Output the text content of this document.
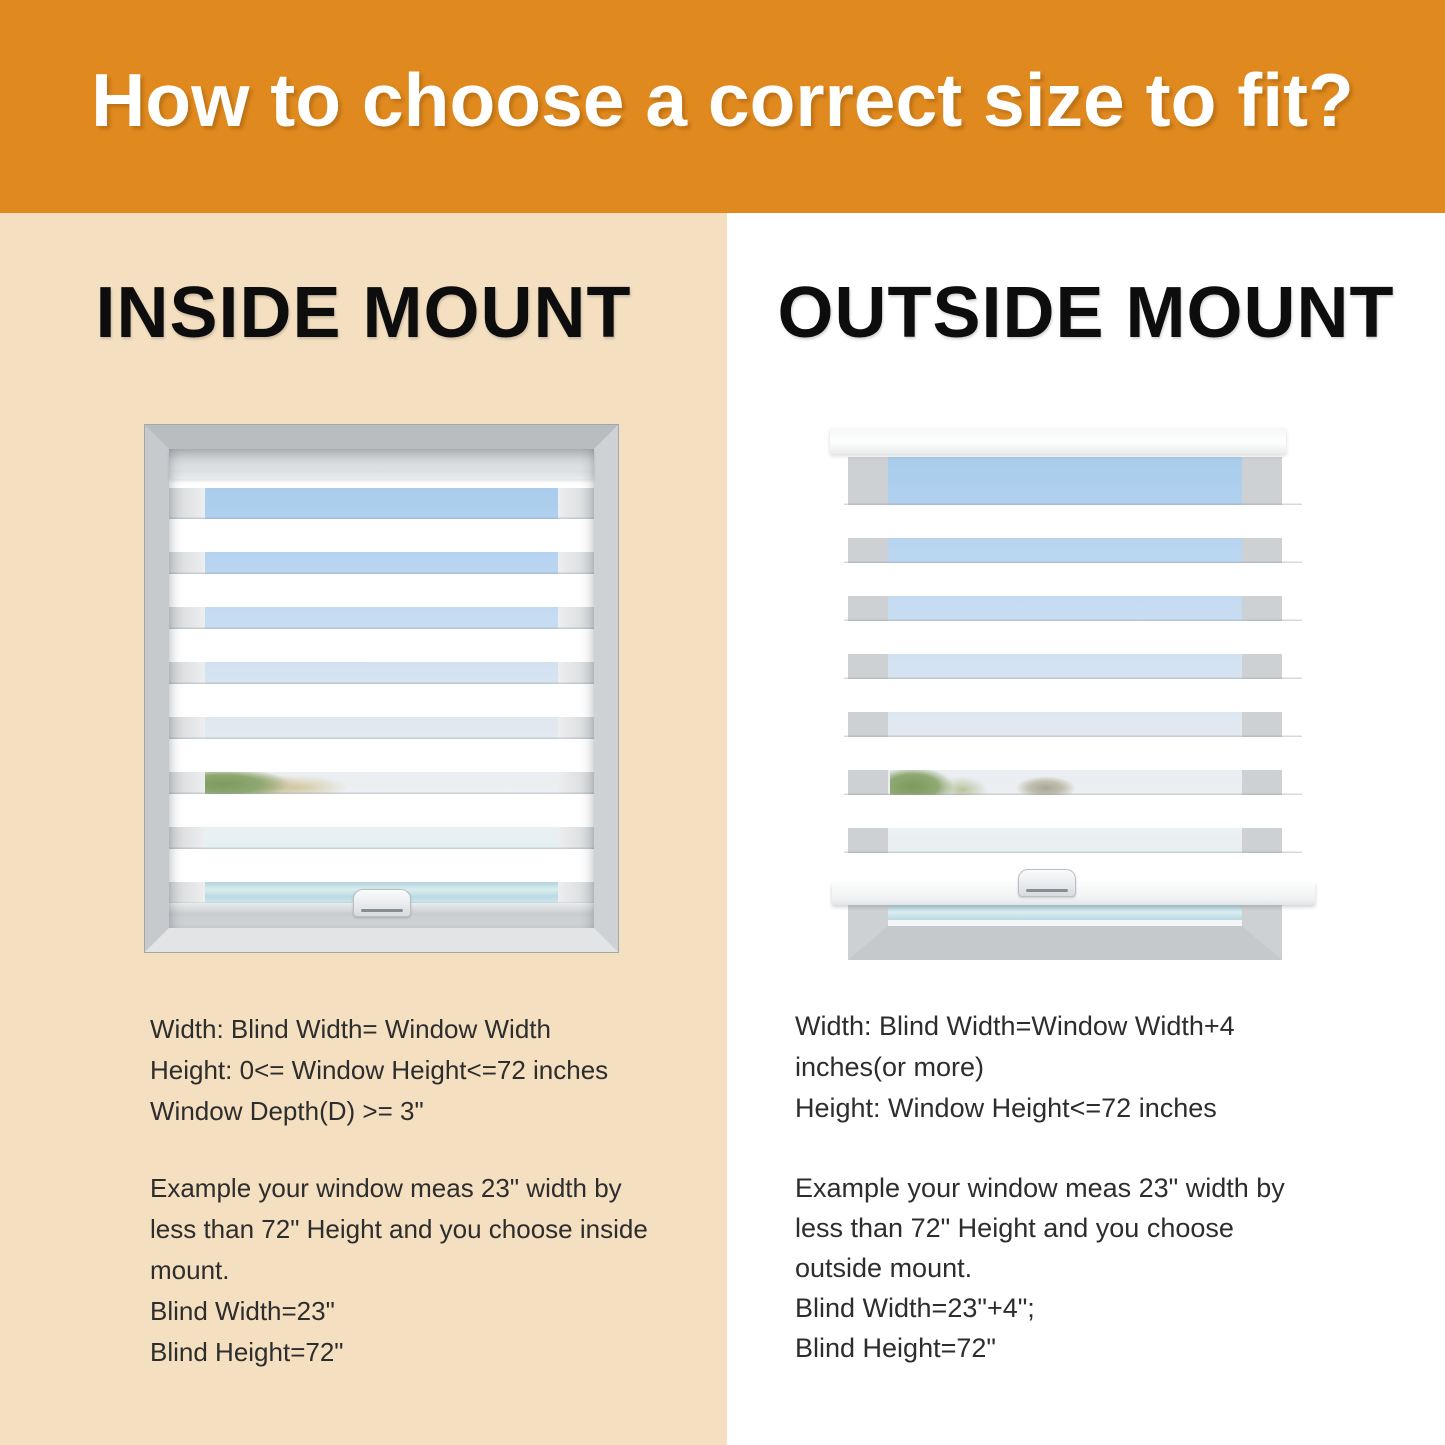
How to choose a correct size to fit?
INSIDE MOUNT	OUTSIDE MOUNT
Width: Blind Width= Window Width
Height: 0<= Window Height<=72 inches
Window Depth(D) >= 3"
Example your window meas 23" width by
less than 72" Height and you choose inside
mount.
Blind Width=23"
Blind Height=72"
Width: Blind Width=Window Width+4
inches(or more)
Height: Window Height<=72 inches
Example your window meas 23" width by
less than 72" Height and you choose
outside mount.
Blind Width=23"+4";
Blind Height=72"
